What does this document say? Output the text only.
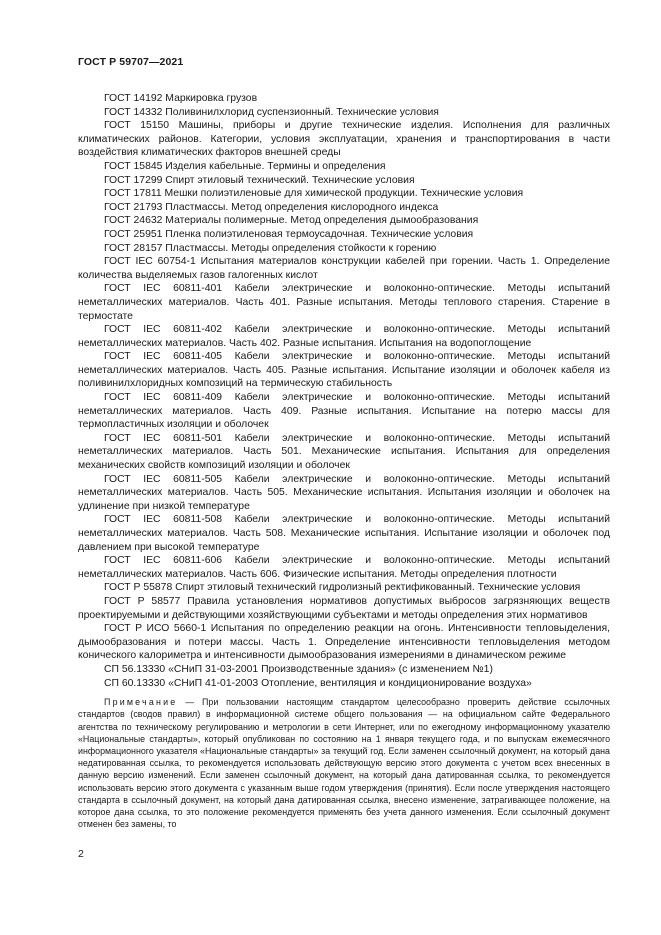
ГОСТ Р 59707—2021

ГОСТ 14192 Маркировка грузов

ГОСТ 14332 Поливинилхлорид суспензионный. Технические условия

ГОСТ 15150 Машины, приборы и другие технические изделия. Исполнения для различных климатических районов. Категории, условия эксплуатации, хранения и транспортирования в части воздействия климатических факторов внешней среды

ГОСТ 15845 Изделия кабельные. Термины и определения

ГОСТ 17299 Спирт этиловый технический. Технические условия

ГОСТ 17811 Мешки полиэтиленовые для химической продукции. Технические условия

ГОСТ 21793 Пластмассы. Метод определения кислородного индекса

ГОСТ 24632 Материалы полимерные. Метод определения дымообразования

ГОСТ 25951 Пленка полиэтиленовая термоусадочная. Технические условия

ГОСТ 28157 Пластмассы. Методы определения стойкости к горению

ГОСТ IEC 60754-1 Испытания материалов конструкции кабелей при горении. Часть 1. Определение количества выделяемых газов галогенных кислот

ГОСТ IEC 60811-401 Кабели электрические и волоконно-оптические. Методы испытаний неметаллических материалов. Часть 401. Разные испытания. Методы теплового старения. Старение в термостате

ГОСТ IEC 60811-402 Кабели электрические и волоконно-оптические. Методы испытаний неметаллических материалов. Часть 402. Разные испытания. Испытания на водопоглощение

ГОСТ IEC 60811-405 Кабели электрические и волоконно-оптические. Методы испытаний неметаллических материалов. Часть 405. Разные испытания. Испытание изоляции и оболочек кабеля из поливинилхлоридных композиций на термическую стабильность

ГОСТ IEC 60811-409 Кабели электрические и волоконно-оптические. Методы испытаний неметаллических материалов. Часть 409. Разные испытания. Испытание на потерю массы для термопластичных изоляции и оболочек

ГОСТ IEC 60811-501 Кабели электрические и волоконно-оптические. Методы испытаний неметаллических материалов. Часть 501. Механические испытания. Испытания для определения механических свойств композиций изоляции и оболочек

ГОСТ IEC 60811-505 Кабели электрические и волоконно-оптические. Методы испытаний неметаллических материалов. Часть 505. Механические испытания. Испытания изоляции и оболочек на удлинение при низкой температуре

ГОСТ IEC 60811-508 Кабели электрические и волоконно-оптические. Методы испытаний неметаллических материалов. Часть 508. Механические испытания. Испытание изоляции и оболочек под давлением при высокой температуре

ГОСТ IEC 60811-606 Кабели электрические и волоконно-оптические. Методы испытаний неметаллических материалов. Часть 606. Физические испытания. Методы определения плотности

ГОСТ Р 55878 Спирт этиловый технический гидролизный ректификованный. Технические условия

ГОСТ Р 58577 Правила установления нормативов допустимых выбросов загрязняющих веществ проектируемыми и действующими хозяйствующими субъектами и методы определения этих нормативов

ГОСТ Р ИСО 5660-1 Испытания по определению реакции на огонь. Интенсивности тепловыделения, дымообразования и потери массы. Часть 1. Определение интенсивности тепловыделения методом конического калориметра и интенсивности дымообразования измерениями в динамическом режиме

СП 56.13330 «СНиП 31-03-2001 Производственные здания» (с изменением №1)

СП 60.13330 «СНиП 41-01-2003 Отопление, вентиляция и кондиционирование воздуха»

Примечание — При пользовании настоящим стандартом целесообразно проверить действие ссылочных стандартов (сводов правил) в информационной системе общего пользования — на официальном сайте Федерального агентства по техническому регулированию и метрологии в сети Интернет, или по ежегодному информационному указателю «Национальные стандарты», который опубликован по состоянию на 1 января текущего года, и по выпускам ежемесячного информационного указателя «Национальные стандарты» за текущий год. Если заменен ссылочный документ, на который дана недатированная ссылка, то рекомендуется использовать действующую версию этого документа с учетом всех внесенных в данную версию изменений. Если заменен ссылочный документ, на который дана датированная ссылка, то рекомендуется использовать версию этого документа с указанным выше годом утверждения (принятия). Если после утверждения настоящего стандарта в ссылочный документ, на который дана датированная ссылка, внесено изменение, затрагивающее положение, на которое дана ссылка, то это положение рекомендуется применять без учета данного изменения. Если ссылочный документ отменен без замены, то

2
